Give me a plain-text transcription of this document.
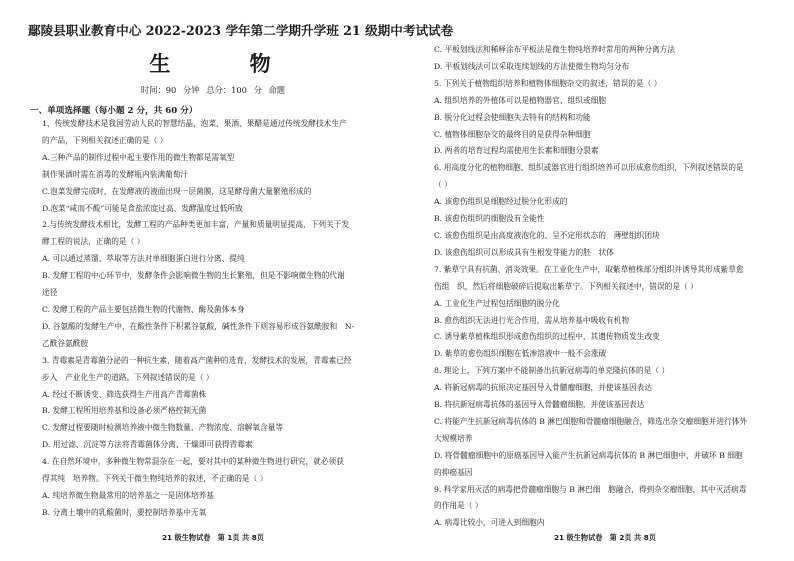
鄢陵县职业教育中心 2022-2023 学年第二学期升学班 21 级期中考试试卷
生 物
时间：90 分钟 总分：100 分 命题
一、单项选择题（每小题 2 分，共 60 分）

1、传统发酵技术是我国劳动人民的智慧结晶，泡菜、果酒、果醋是通过传统发酵技术生产

的产品，下列相关叙述正确的是（ ）

A.三种产品的制作过程中起主要作用的微生物都是需氧型

制作果酒时需在消毒的发酵瓶内装满葡萄汁

C.泡菜发酵完成时，在发酵液的液面出现一层菌膜，这是酵母菌大量繁殖形成的

D.泡菜“咸而不酸”可能是食盐浓度过高、发酵温度过低所致

2.与传统发酵技术相比，发酵工程的产品种类更加丰富，产量和质量明显提高，下列关于发

酵工程的说法，正确的是（ ）

A. 可以通过蒸馏、萃取等方法对单细胞蛋白进行分离、提纯

B. 发酵工程的中心环节中，发酵条件会影响微生物的生长繁殖，但是不影响微生物的代谢

途径

C. 发酵工程的产品主要包括微生物的代谢物、酶及菌体本身

D. 谷氨酸的发酵生产中，在酸性条件下积累谷氨酸，碱性条件下则容易形成谷氨酰胺和　N-

乙酰谷氨酰胺

3. 青霉素是青霉菌分泌的一种抗生素，随着高产菌种的选育，发酵技术的发展，青霉素已经

步入　产业化生产的道路。下列叙述错误的是（ ）

A. 经过不断诱变、筛选获得生产用高产青霉菌株

B. 发酵工程所用培养基和设备必须严格控制无菌

C. 发酵过程要随时检测培养液中微生物数量、产物浓度、溶解氧含量等

D. 用过滤、沉淀等方法将青霉菌体分离、干燥即可获得青霉素

4. 在自然环境中，多种微生物常混杂在一起，要对其中的某种微生物进行研究，就必须获

得其纯　培养物。下列关于微生物纯培养的叙述，不正确的是（ ）

A. 纯培养微生物最常用的培养基之一是固体培养基

B. 分离土壤中的乳酸菌时，要控制培养基中无氧

21 级生物试卷　第 1页 共 8页

C. 平板划线法和稀释涂布平板法是微生物纯培养时常用的两种分离方法

D. 平板划线法可以采取连续划线的方法使微生物均匀分布

5. 下列关于植物组织培养和植物体细胞杂交的叙述，错误的是（ ）

A. 组织培养的外植体可以是植物器官、组织或细胞

B. 脱分化过程会使细胞失去特有的结构和功能

C. 植物体细胞杂交的最终目的是获得杂种细胞

D. 两者的培育过程均需使用生长素和细胞分裂素

6. 用高度分化的植物细胞、组织或器官进行组织培养可以形成愈伤组织，下列叙述错误的是

（ ）

A. 该愈伤组织是细胞经过脱分化形成的

B. 该愈伤组织的细胞没有全能性

C. 该愈伤组织是由高度液泡化的、呈不定形状态的　薄壁组织团块

D. 该愈伤组织可以形成具有生根发芽能力的胚　状体

7. 紫草宁具有抗菌、消炎效果。在工业化生产中，取紫草植株部分组织并诱导其形成紫草愈

伤组　织，然后将细胞破碎后提取出紫草宁。下列相关叙述中，错误的是（ ）

A. 工业化生产过程包括细胞的脱分化

B. 愈伤组织无法进行光合作用，需从培养基中吸收有机物

C. 诱导紫草植株组织形成愈伤组织的过程中，其遗传物质发生改变

D. 紫草的愈伤组织细胞在低渗溶液中一般不会涨破

8. 理论上，下列方案中不能制备出抗新冠病毒的单克隆抗体的是（ ）

A. 将新冠病毒的抗原决定基因导入骨髓瘤细胞，并使该基因表达

B. 将抗新冠病毒抗体的基因导入骨髓瘤细胞，并使该基因表达

C. 将能产生抗新冠病毒抗体的 B 淋巴细胞和骨髓瘤细胞融合，筛选出杂交瘤细胞并进行体外

大规模培养

D. 将骨髓瘤细胞中的原癌基因导入能产生抗新冠病毒抗体的 B 淋巴细胞中，并破坏 B 细胞

的抑癌基因

9. 科学家用灭活的病毒把骨髓瘤细胞与 B 淋巴细　胞融合，得到杂交瘤细胞，其中灭活病毒

的作用是（ ）

A. 病毒比较小，可进入到细胞内

21 级生物试卷　第 2页 共 8页
